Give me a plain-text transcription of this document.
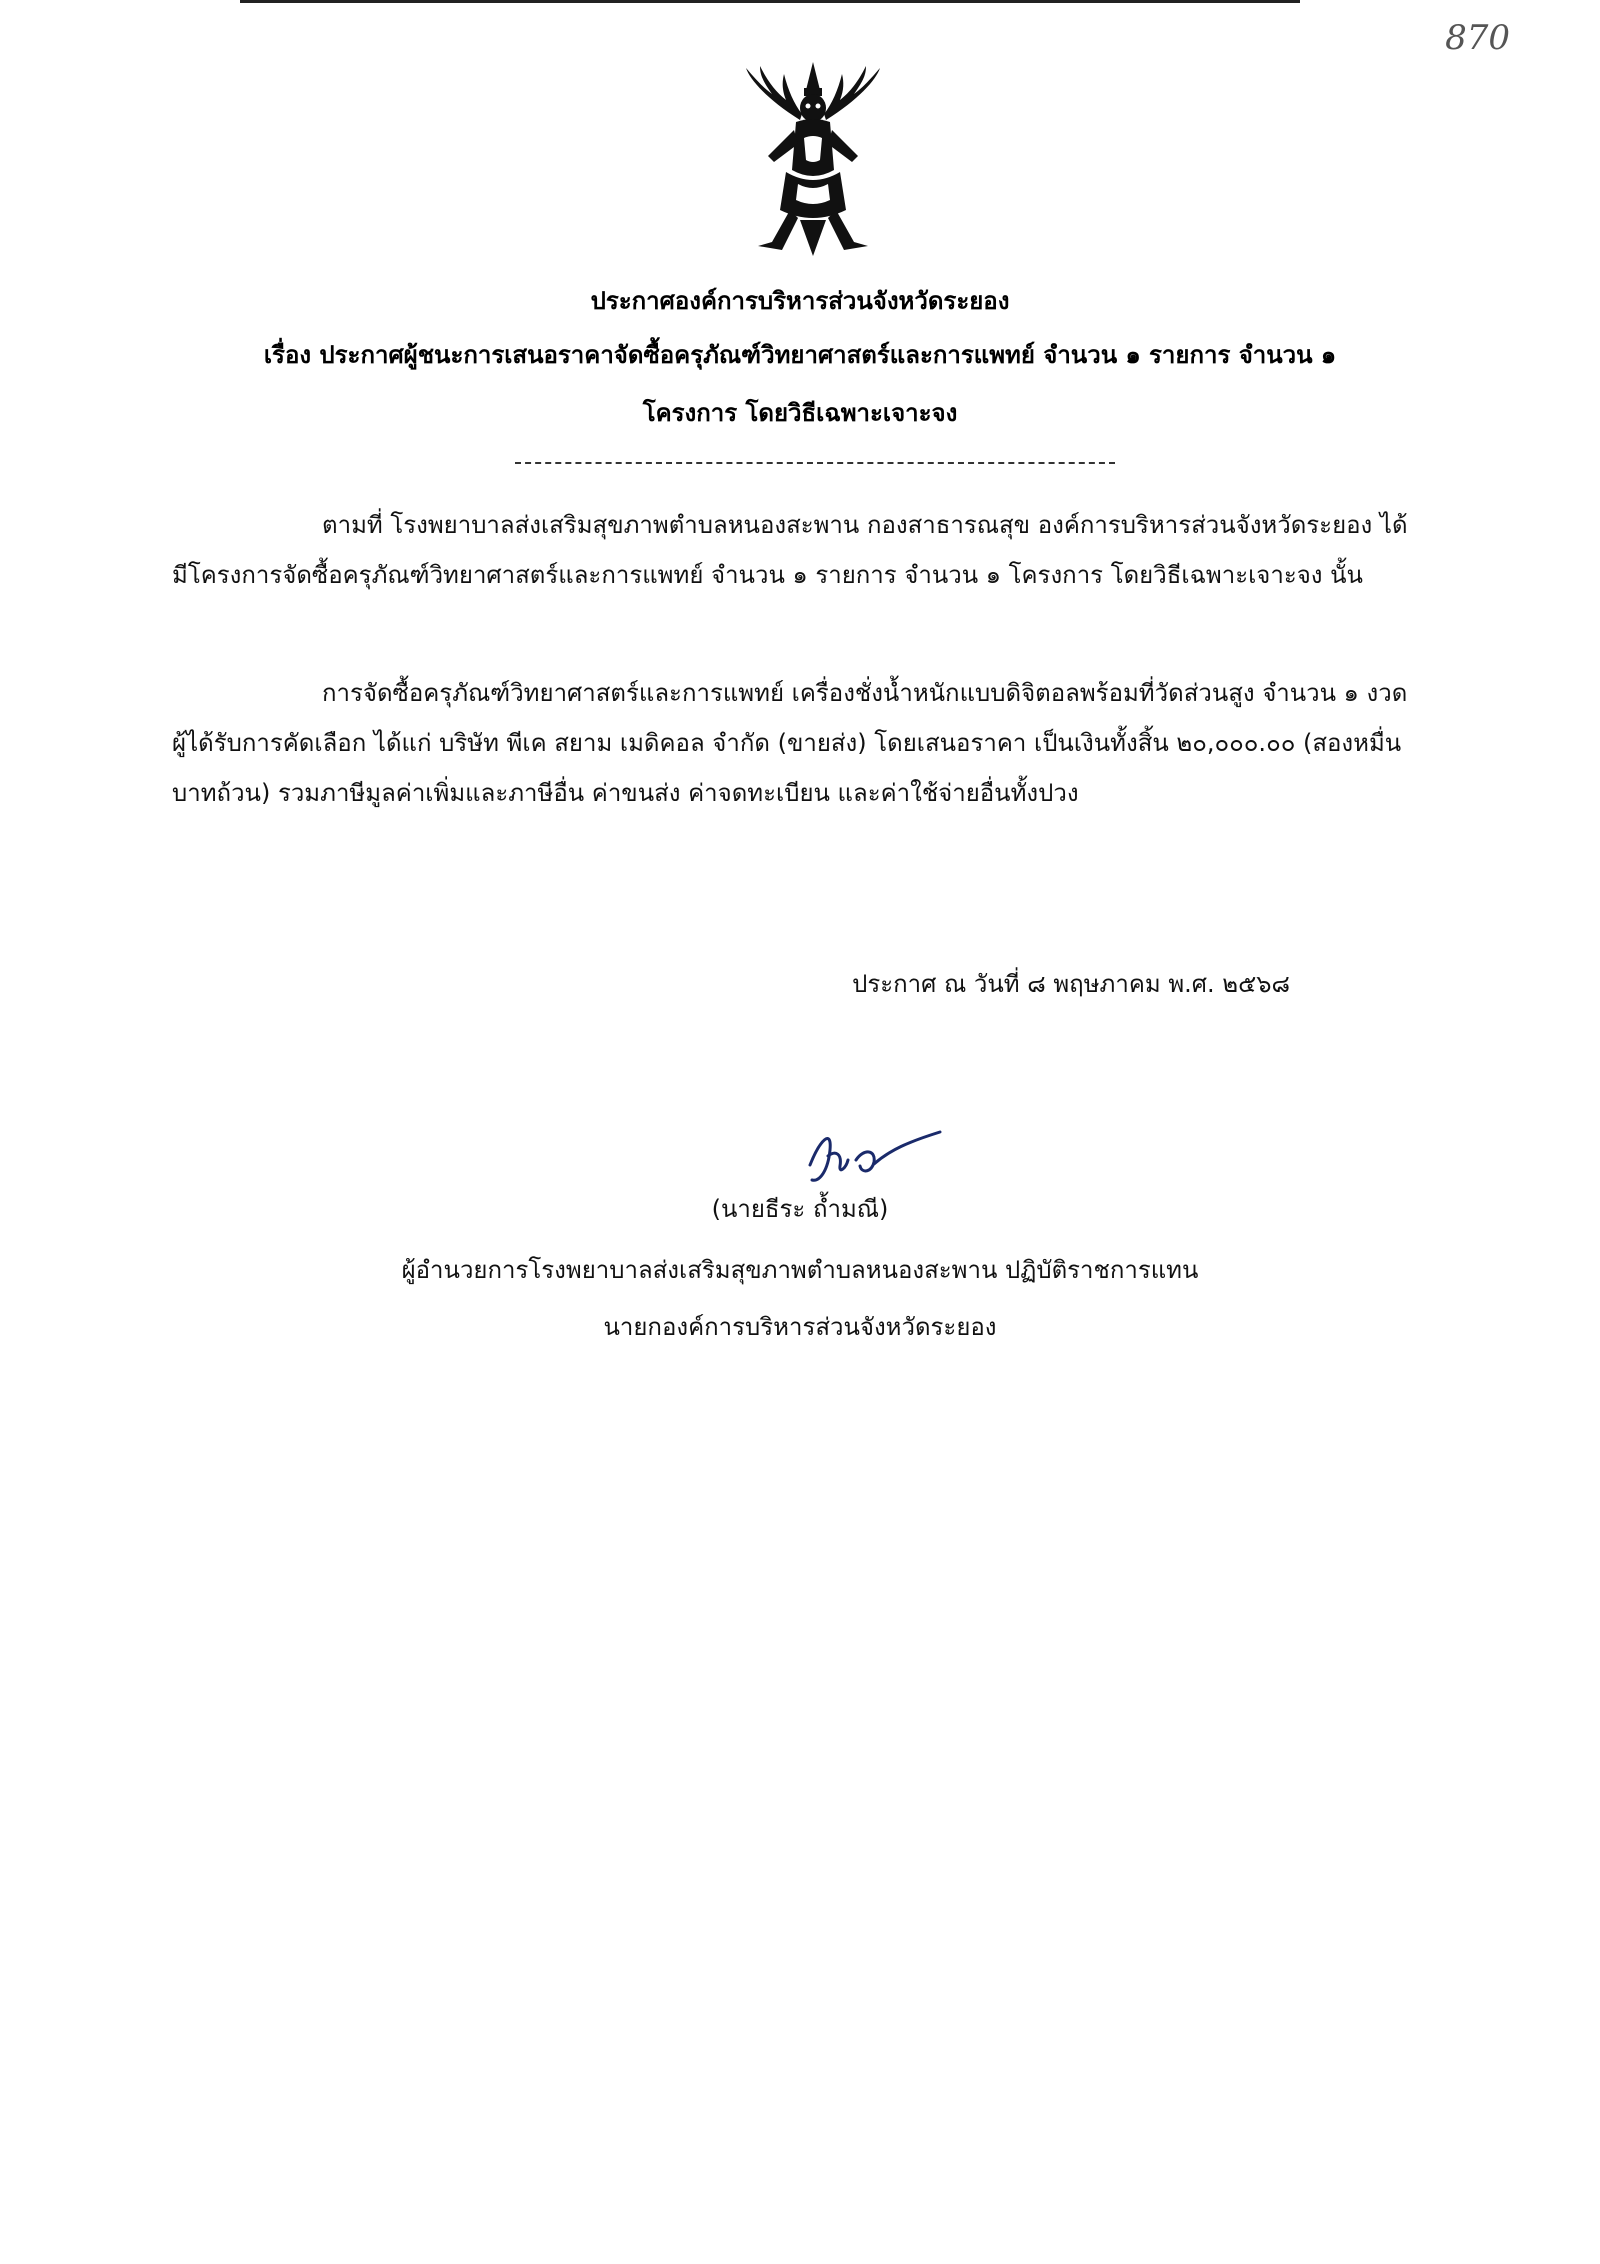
870
ประกาศองค์การบริหารส่วนจังหวัดระยอง
เรื่อง ประกาศผู้ชนะการเสนอราคาจัดซื้อครุภัณฑ์วิทยาศาสตร์และการแพทย์ จำนวน ๑ รายการ จำนวน ๑
โครงการ โดยวิธีเฉพาะเจาะจง

ตามที่ โรงพยาบาลส่งเสริมสุขภาพตำบลหนองสะพาน กองสาธารณสุข องค์การบริหารส่วนจังหวัดระยอง ได้มีโครงการจัดซื้อครุภัณฑ์วิทยาศาสตร์และการแพทย์ จำนวน ๑ รายการ จำนวน ๑ โครงการ โดยวิธีเฉพาะเจาะจง นั้น

การจัดซื้อครุภัณฑ์วิทยาศาสตร์และการแพทย์ เครื่องชั่งน้ำหนักแบบดิจิตอลพร้อมที่วัดส่วนสูง จำนวน ๑ งวด ผู้ได้รับการคัดเลือก ได้แก่ บริษัท พีเค สยาม เมดิคอล จำกัด (ขายส่ง) โดยเสนอราคา เป็นเงินทั้งสิ้น ๒๐,๐๐๐.๐๐ (สองหมื่นบาทถ้วน) รวมภาษีมูลค่าเพิ่มและภาษีอื่น ค่าขนส่ง ค่าจดทะเบียน และค่าใช้จ่ายอื่นทั้งปวง

ประกาศ ณ วันที่ ๘ พฤษภาคม พ.ศ. ๒๕๖๘
(นายธีระ ถ้ำมณี)
ผู้อำนวยการโรงพยาบาลส่งเสริมสุขภาพตำบลหนองสะพาน ปฏิบัติราชการแทน
นายกองค์การบริหารส่วนจังหวัดระยอง
